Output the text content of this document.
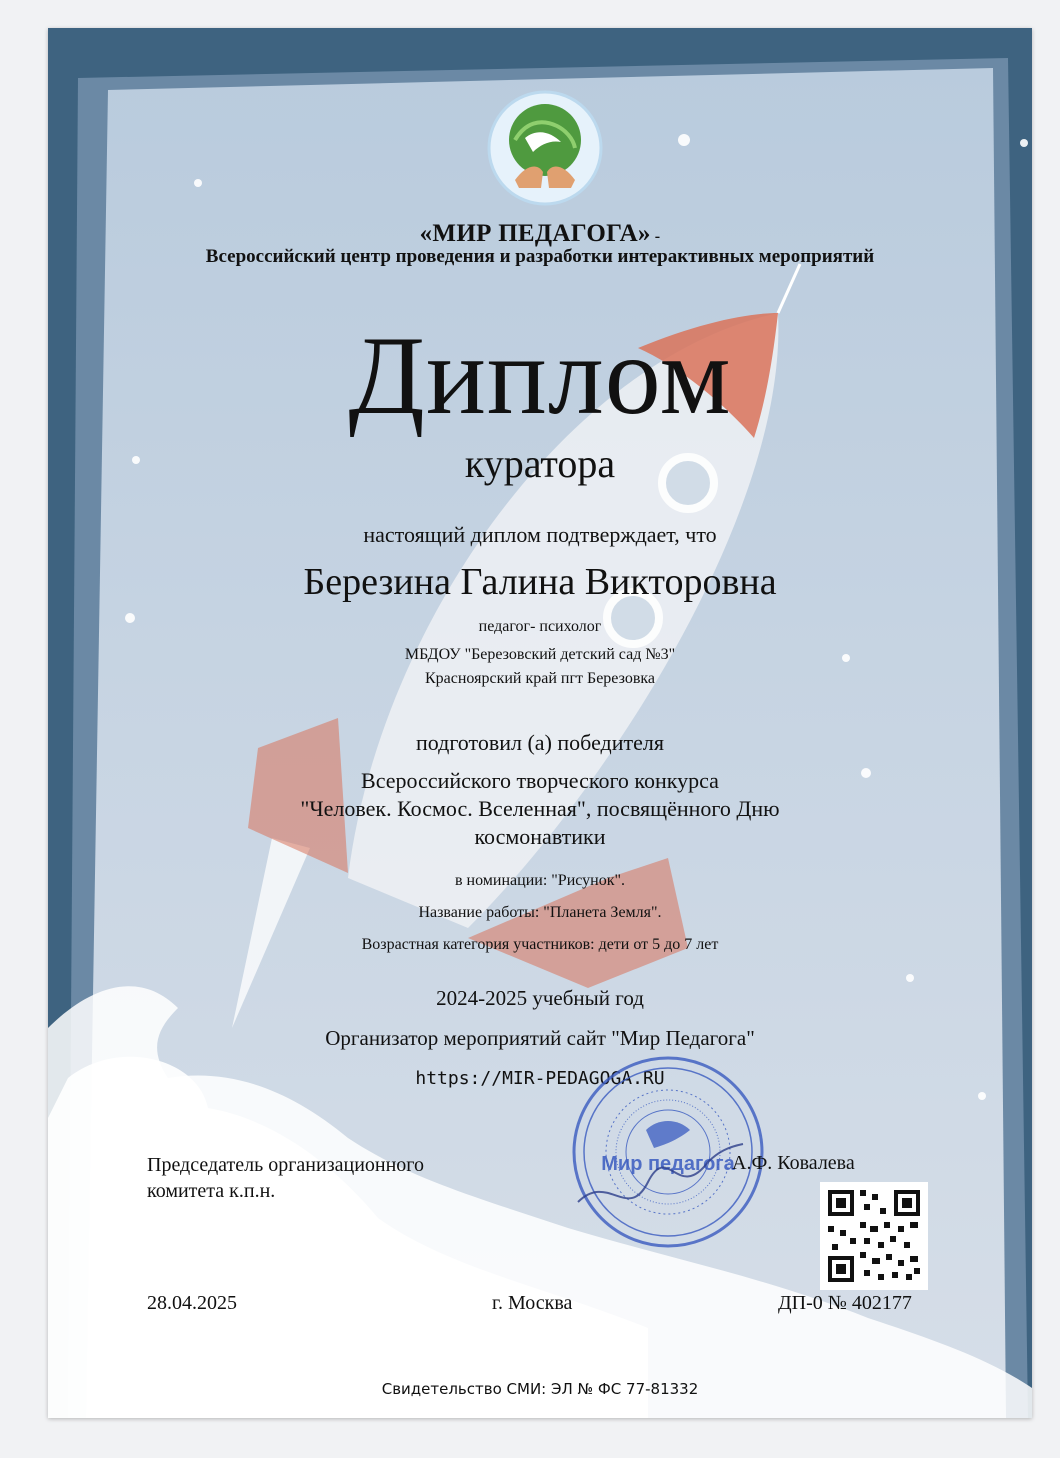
«МИР ПЕДАГОГА» -
Всероссийский центр проведения и разработки интерактивных мероприятий
Диплом
куратора
настоящий диплом подтверждает, что
Березина Галина Викторовна
педагог- психолог
МБДОУ "Березовский детский сад №3"
Красноярский край пгт Березовка
подготовил (а) победителя
Всероссийского творческого конкурса
"Человек. Космос. Вселенная", посвящённого Дню
космонавтики
в номинации: "Рисунок".
Название работы: "Планета Земля".
Возрастная категория участников: дети от 5 до 7 лет
2024-2025 учебный год
Организатор мероприятий сайт "Мир Педагога"
https://MIR-PEDAGOGA.RU
Мир педагога
Председатель организационного
комитета к.п.н.
А.Ф. Ковалева
28.04.2025	г. Москва	ДП-0 № 402177
Свидетельство СМИ: ЭЛ № ФС 77-81332
